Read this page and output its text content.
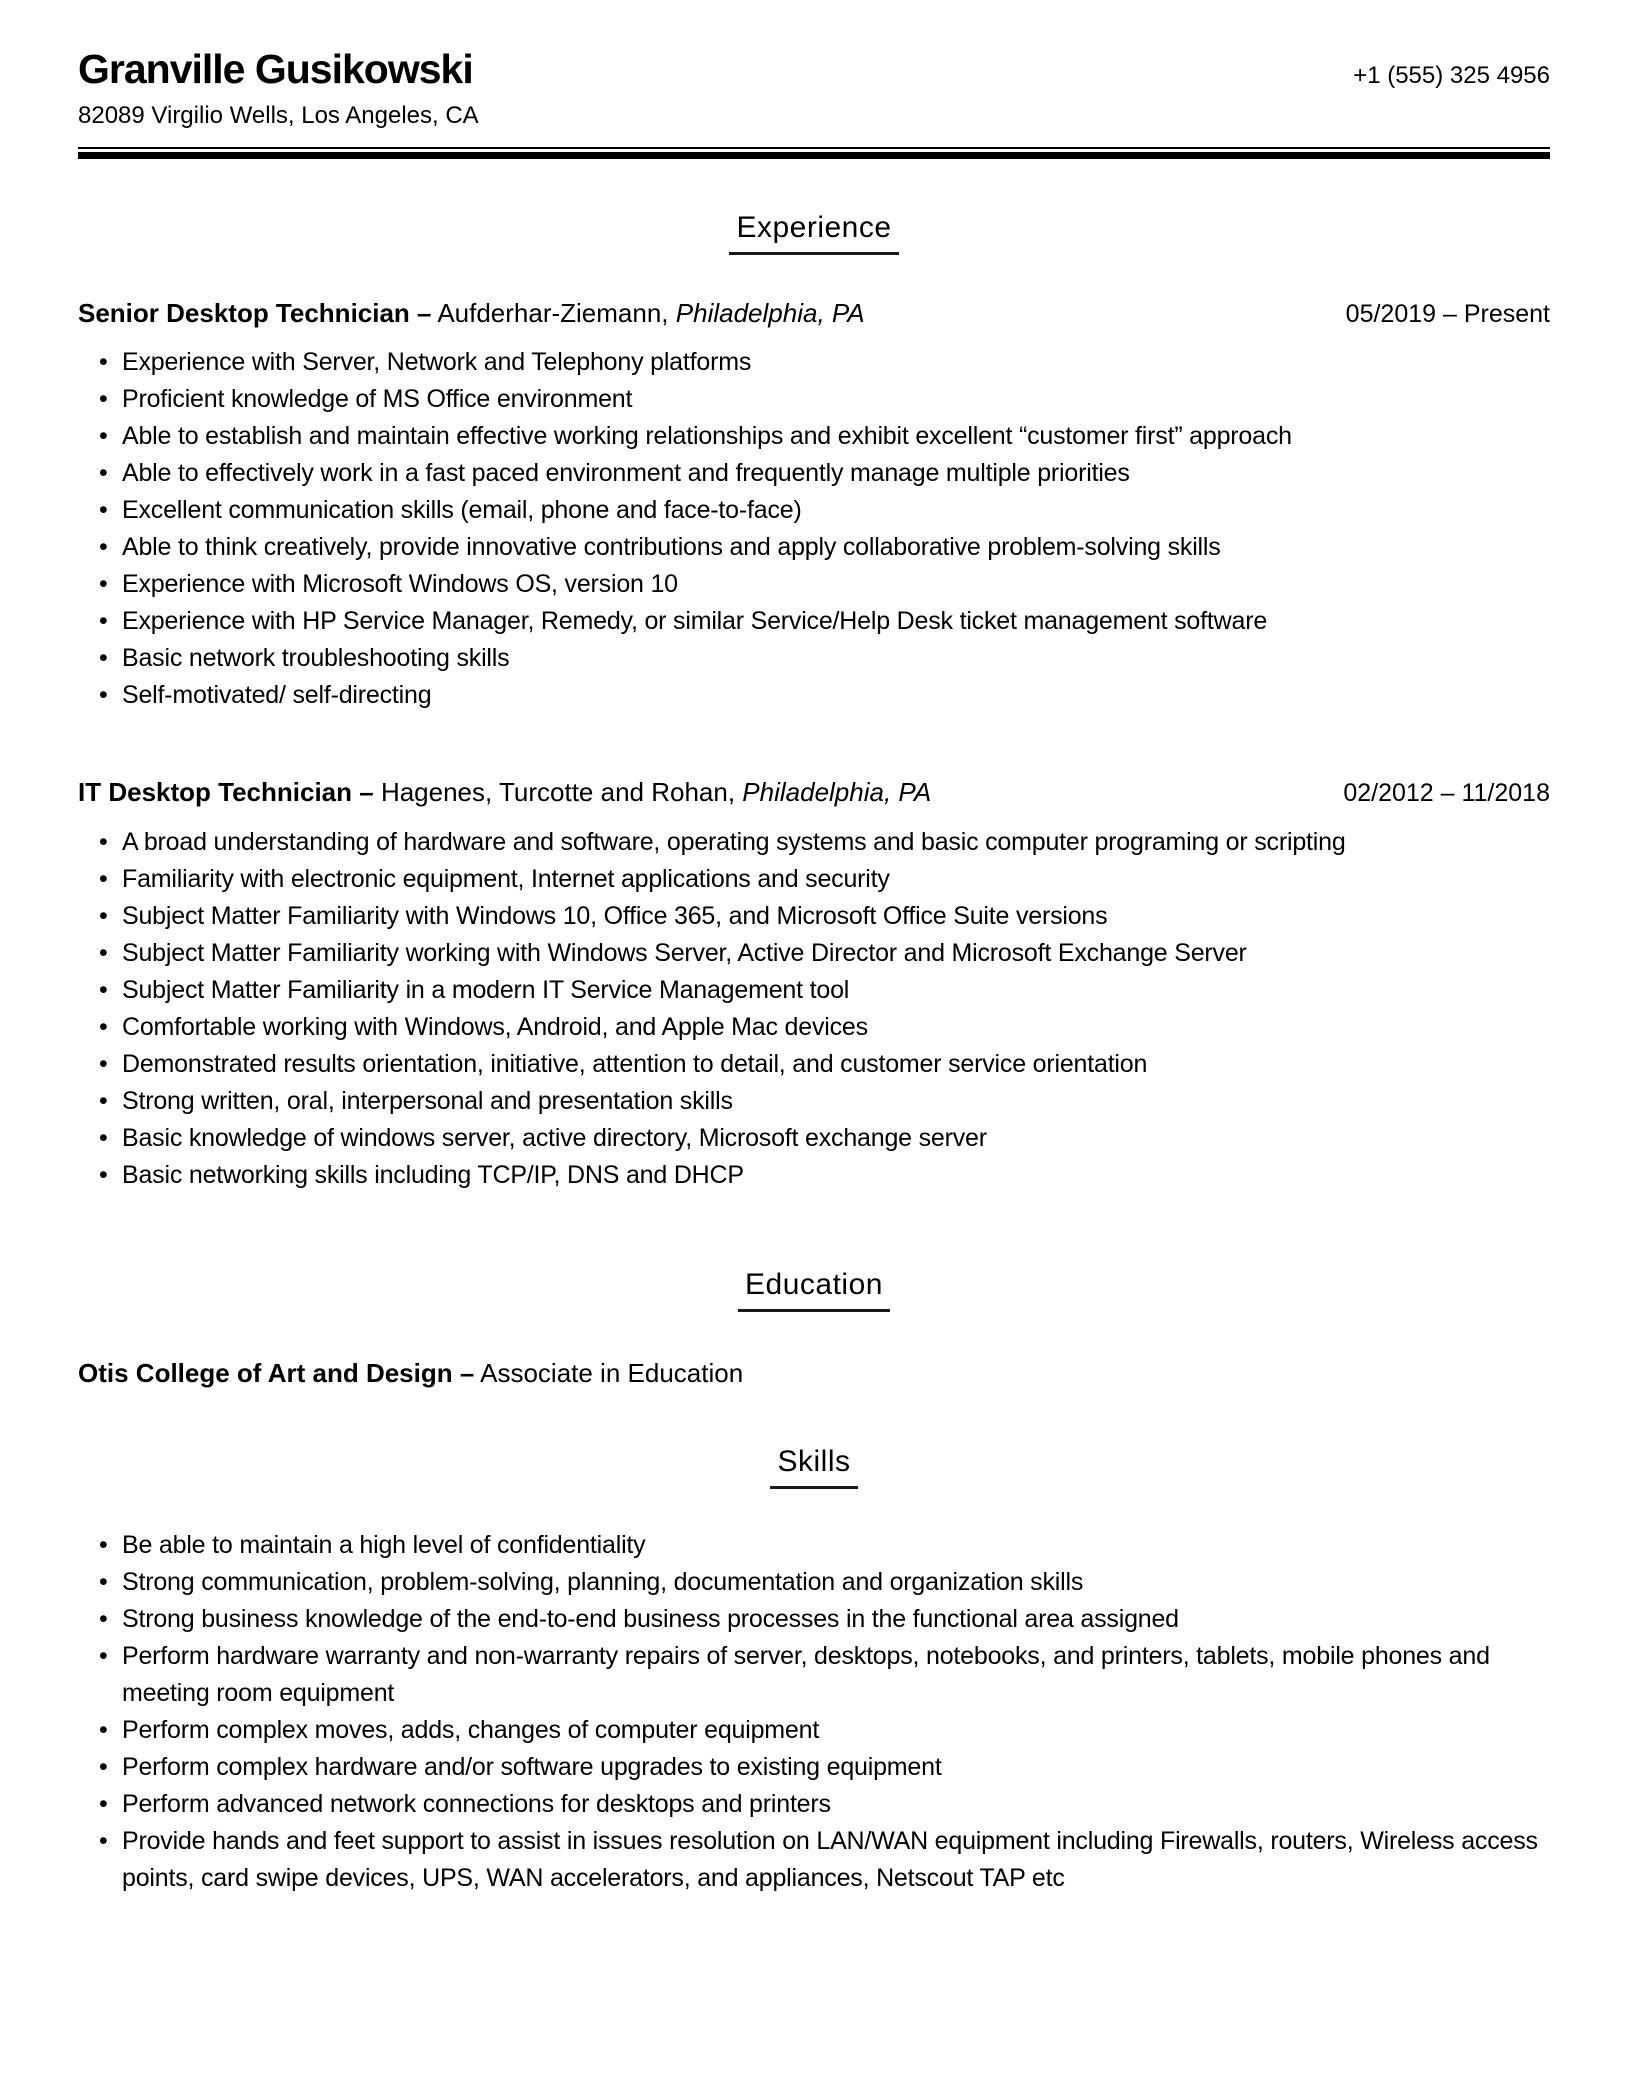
Granville Gusikowski	+1 (555) 325 4956
82089 Virgilio Wells, Los Angeles, CA
Experience
Senior Desktop Technician – Aufderhar-Ziemann, Philadelphia, PA	05/2019 – Present
• Experience with Server, Network and Telephony platforms
• Proficient knowledge of MS Office environment
• Able to establish and maintain effective working relationships and exhibit excellent “customer first” approach
• Able to effectively work in a fast paced environment and frequently manage multiple priorities
• Excellent communication skills (email, phone and face-to-face)
• Able to think creatively, provide innovative contributions and apply collaborative problem-solving skills
• Experience with Microsoft Windows OS, version 10
• Experience with HP Service Manager, Remedy, or similar Service/Help Desk ticket management software
• Basic network troubleshooting skills
• Self-motivated/ self-directing
IT Desktop Technician – Hagenes, Turcotte and Rohan, Philadelphia, PA	02/2012 – 11/2018
• A broad understanding of hardware and software, operating systems and basic computer programing or scripting
• Familiarity with electronic equipment, Internet applications and security
• Subject Matter Familiarity with Windows 10, Office 365, and Microsoft Office Suite versions
• Subject Matter Familiarity working with Windows Server, Active Director and Microsoft Exchange Server
• Subject Matter Familiarity in a modern IT Service Management tool
• Comfortable working with Windows, Android, and Apple Mac devices
• Demonstrated results orientation, initiative, attention to detail, and customer service orientation
• Strong written, oral, interpersonal and presentation skills
• Basic knowledge of windows server, active directory, Microsoft exchange server
• Basic networking skills including TCP/IP, DNS and DHCP
Education
Otis College of Art and Design – Associate in Education
Skills
• Be able to maintain a high level of confidentiality
• Strong communication, problem-solving, planning, documentation and organization skills
• Strong business knowledge of the end-to-end business processes in the functional area assigned
• Perform hardware warranty and non-warranty repairs of server, desktops, notebooks, and printers, tablets, mobile phones and meeting room equipment
• Perform complex moves, adds, changes of computer equipment
• Perform complex hardware and/or software upgrades to existing equipment
• Perform advanced network connections for desktops and printers
• Provide hands and feet support to assist in issues resolution on LAN/WAN equipment including Firewalls, routers, Wireless access points, card swipe devices, UPS, WAN accelerators, and appliances, Netscout TAP etc
